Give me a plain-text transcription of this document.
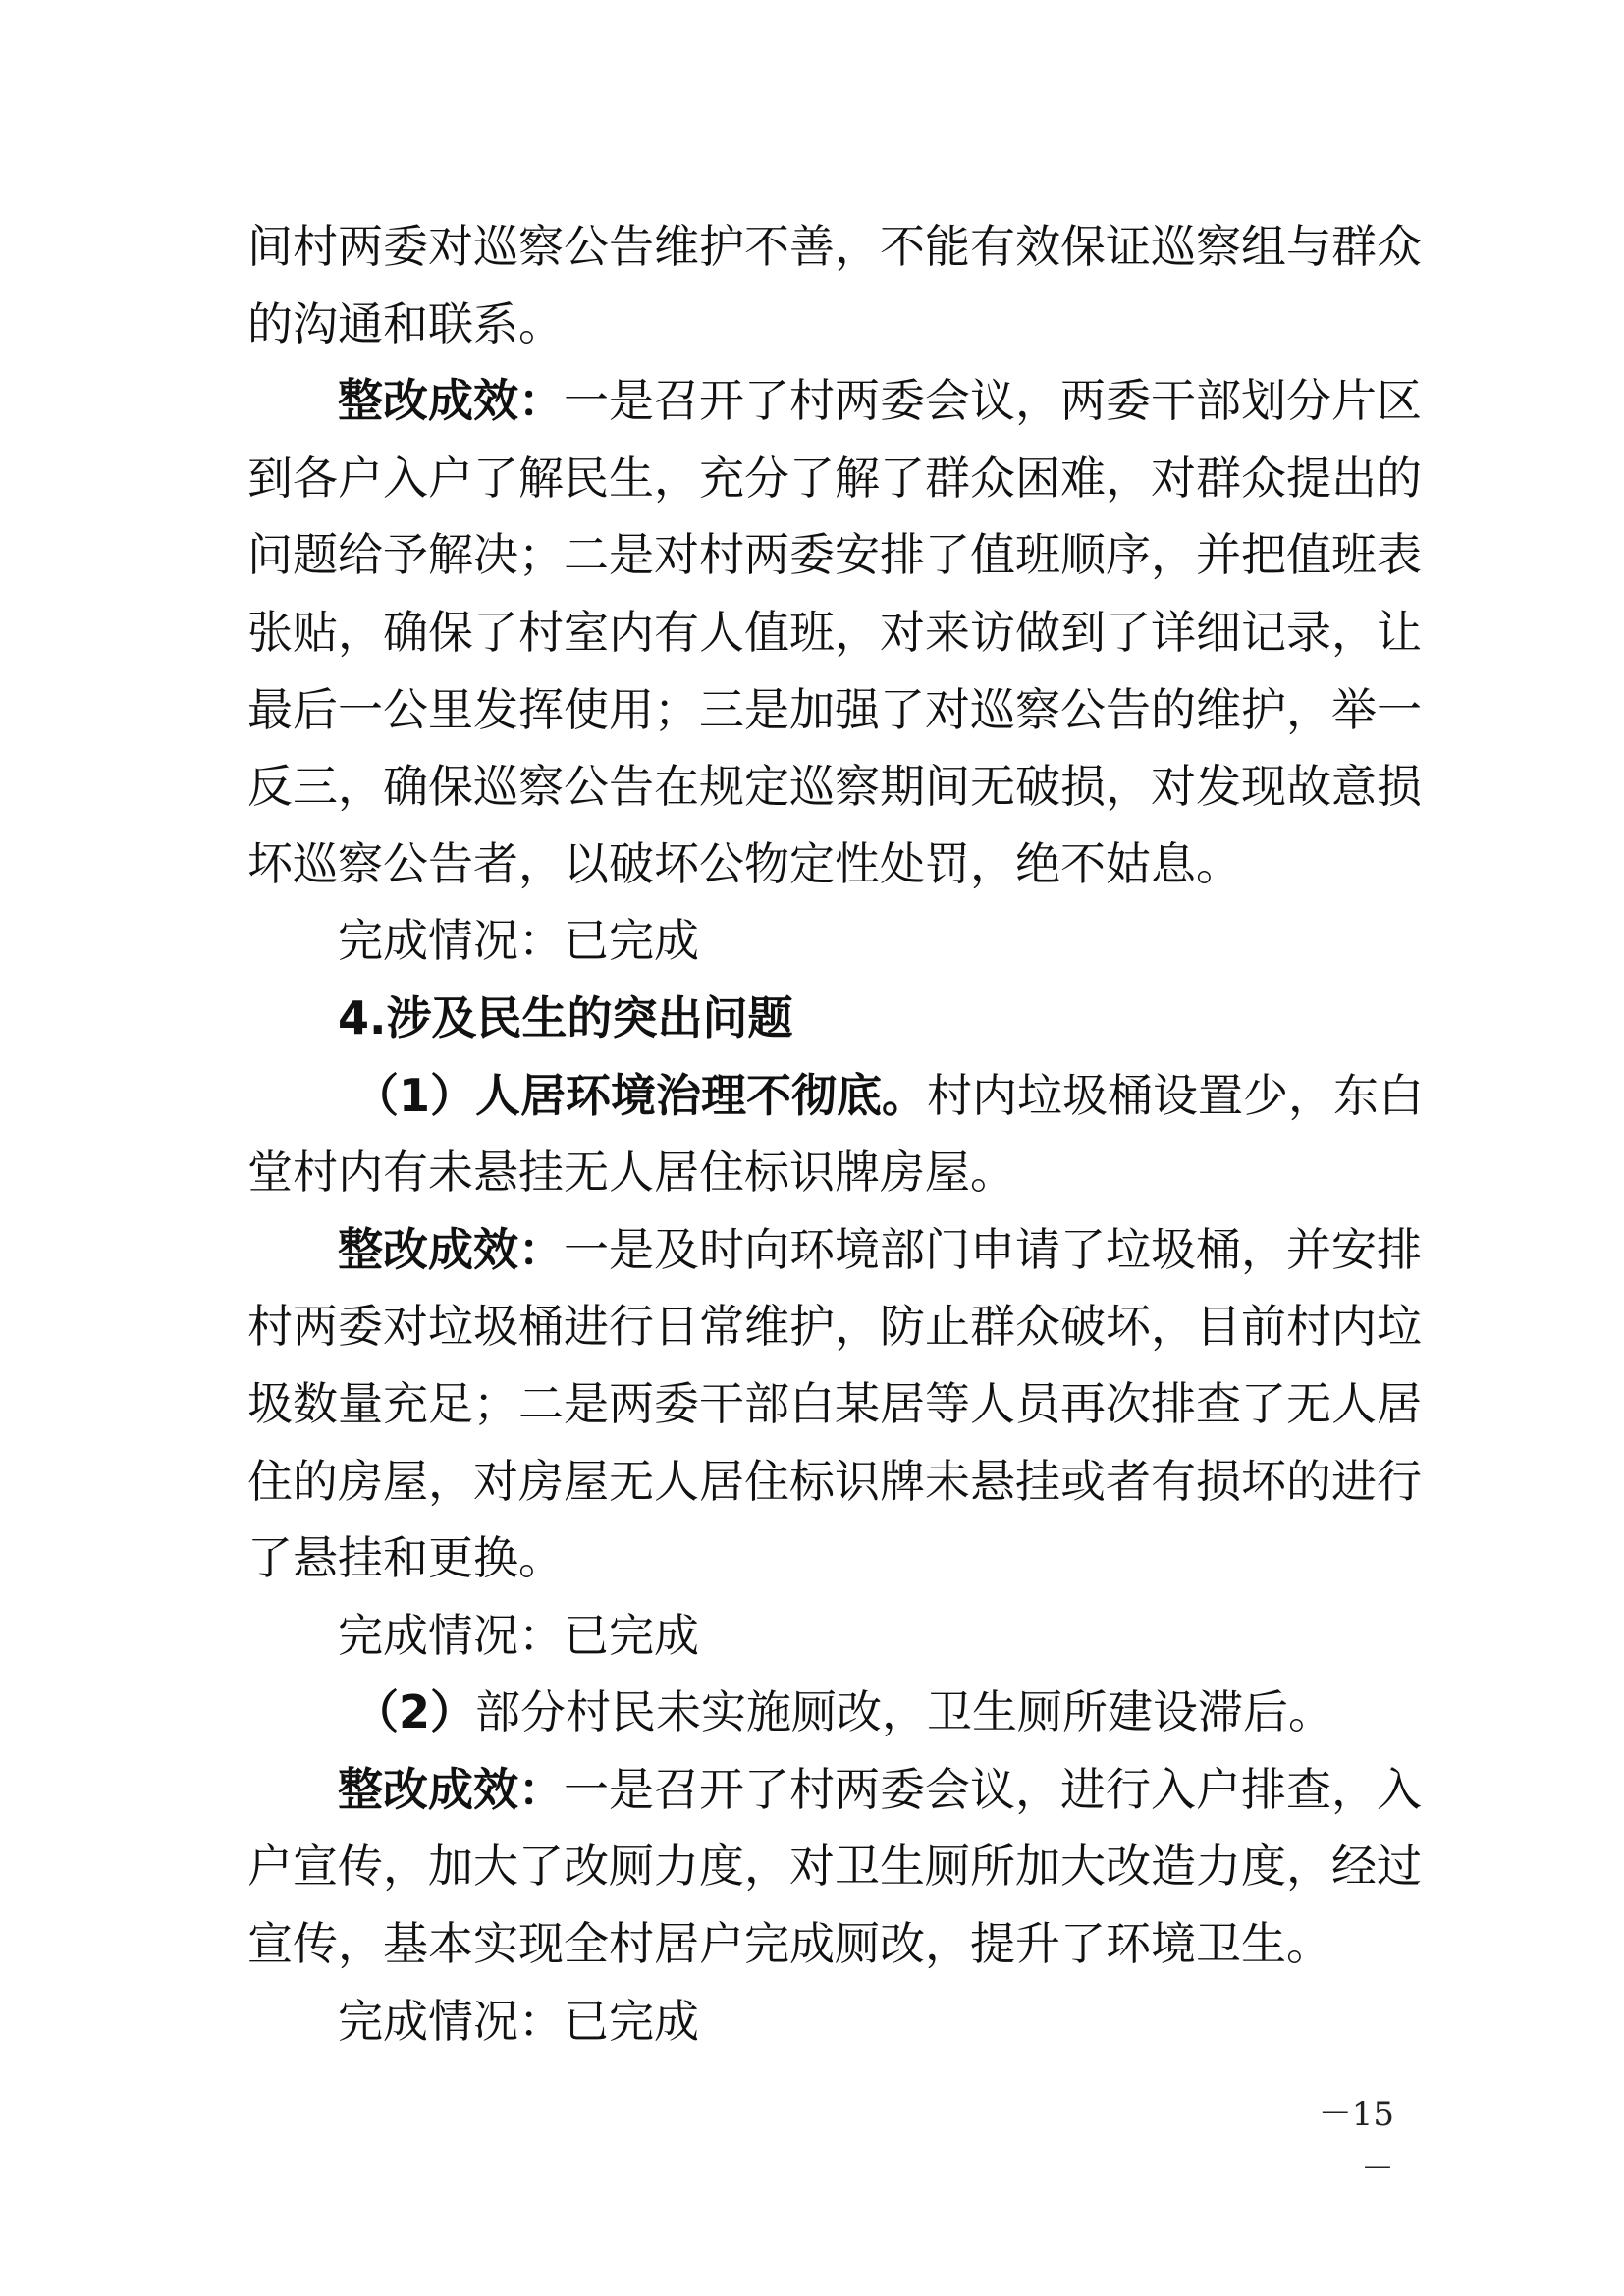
间村两委对巡察公告维护不善，不能有效保证巡察组与群众
的沟通和联系。
整改成效：一是召开了村两委会议，两委干部划分片区
到各户入户了解民生，充分了解了群众困难，对群众提出的
问题给予解决；二是对村两委安排了值班顺序，并把值班表
张贴，确保了村室内有人值班，对来访做到了详细记录，让
最后一公里发挥使用；三是加强了对巡察公告的维护，举一
反三，确保巡察公告在规定巡察期间无破损，对发现故意损
坏巡察公告者，以破坏公物定性处罚，绝不姑息。
完成情况：已完成
4.涉及民生的突出问题
（1）人居环境治理不彻底。村内垃圾桶设置少，东白
堂村内有未悬挂无人居住标识牌房屋。
整改成效：一是及时向环境部门申请了垃圾桶，并安排
村两委对垃圾桶进行日常维护，防止群众破坏，目前村内垃
圾数量充足；二是两委干部白某居等人员再次排查了无人居
住的房屋，对房屋无人居住标识牌未悬挂或者有损坏的进行
了悬挂和更换。
完成情况：已完成
（2）部分村民未实施厕改，卫生厕所建设滞后。
整改成效：一是召开了村两委会议，进行入户排查，入
户宣传，加大了改厕力度，对卫生厕所加大改造力度，经过
宣传，基本实现全村居户完成厕改，提升了环境卫生。
完成情况：已完成
－15－
